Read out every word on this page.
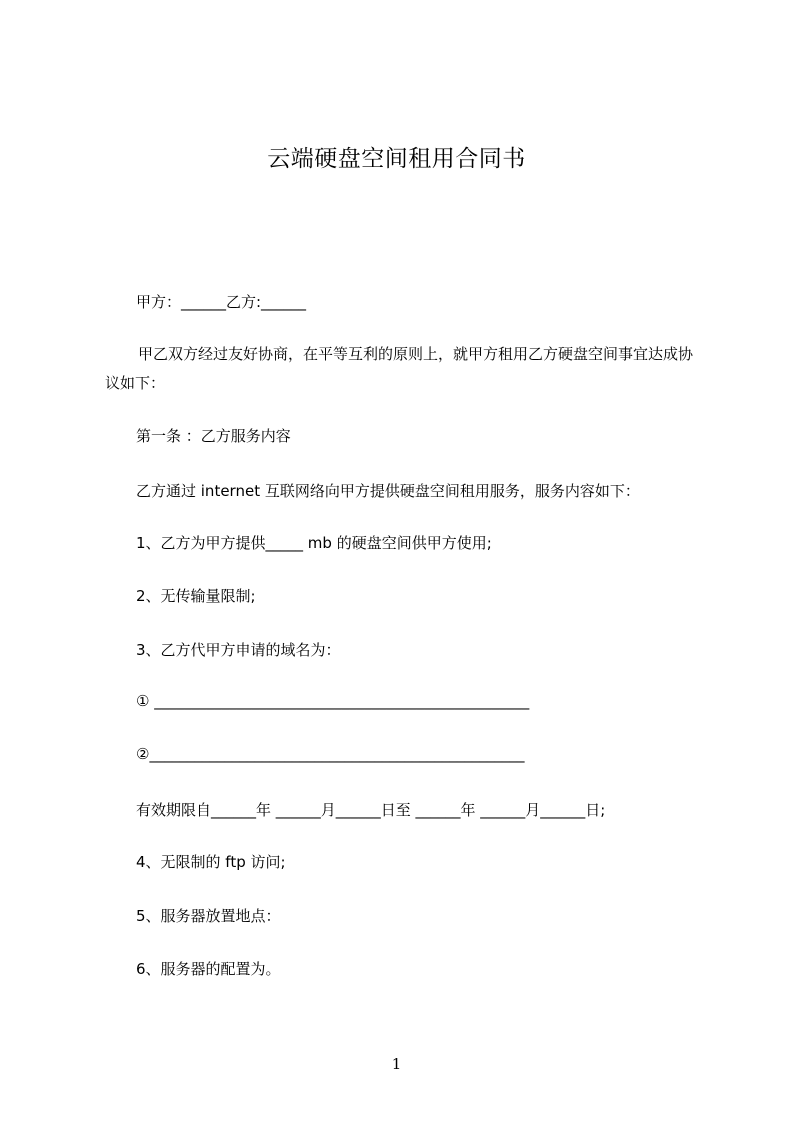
云端硬盘空间租用合同书
甲方：______乙方:______
甲乙双方经过友好协商，在平等互利的原则上，就甲方租用乙方硬盘空间事宜达成协议如下：
第一条 ：乙方服务内容
乙方通过 internet 互联网络向甲方提供硬盘空间租用服务，服务内容如下：
1、乙方为甲方提供_____ mb 的硬盘空间供甲方使用;
2、无传输量限制;
3、乙方代甲方申请的域名为：
① __________________________________________________
②__________________________________________________
有效期限自______年 ______月______日至 ______年 ______月______日;
4、无限制的 ftp 访问;
5、服务器放置地点：
6、服务器的配置为。
1
